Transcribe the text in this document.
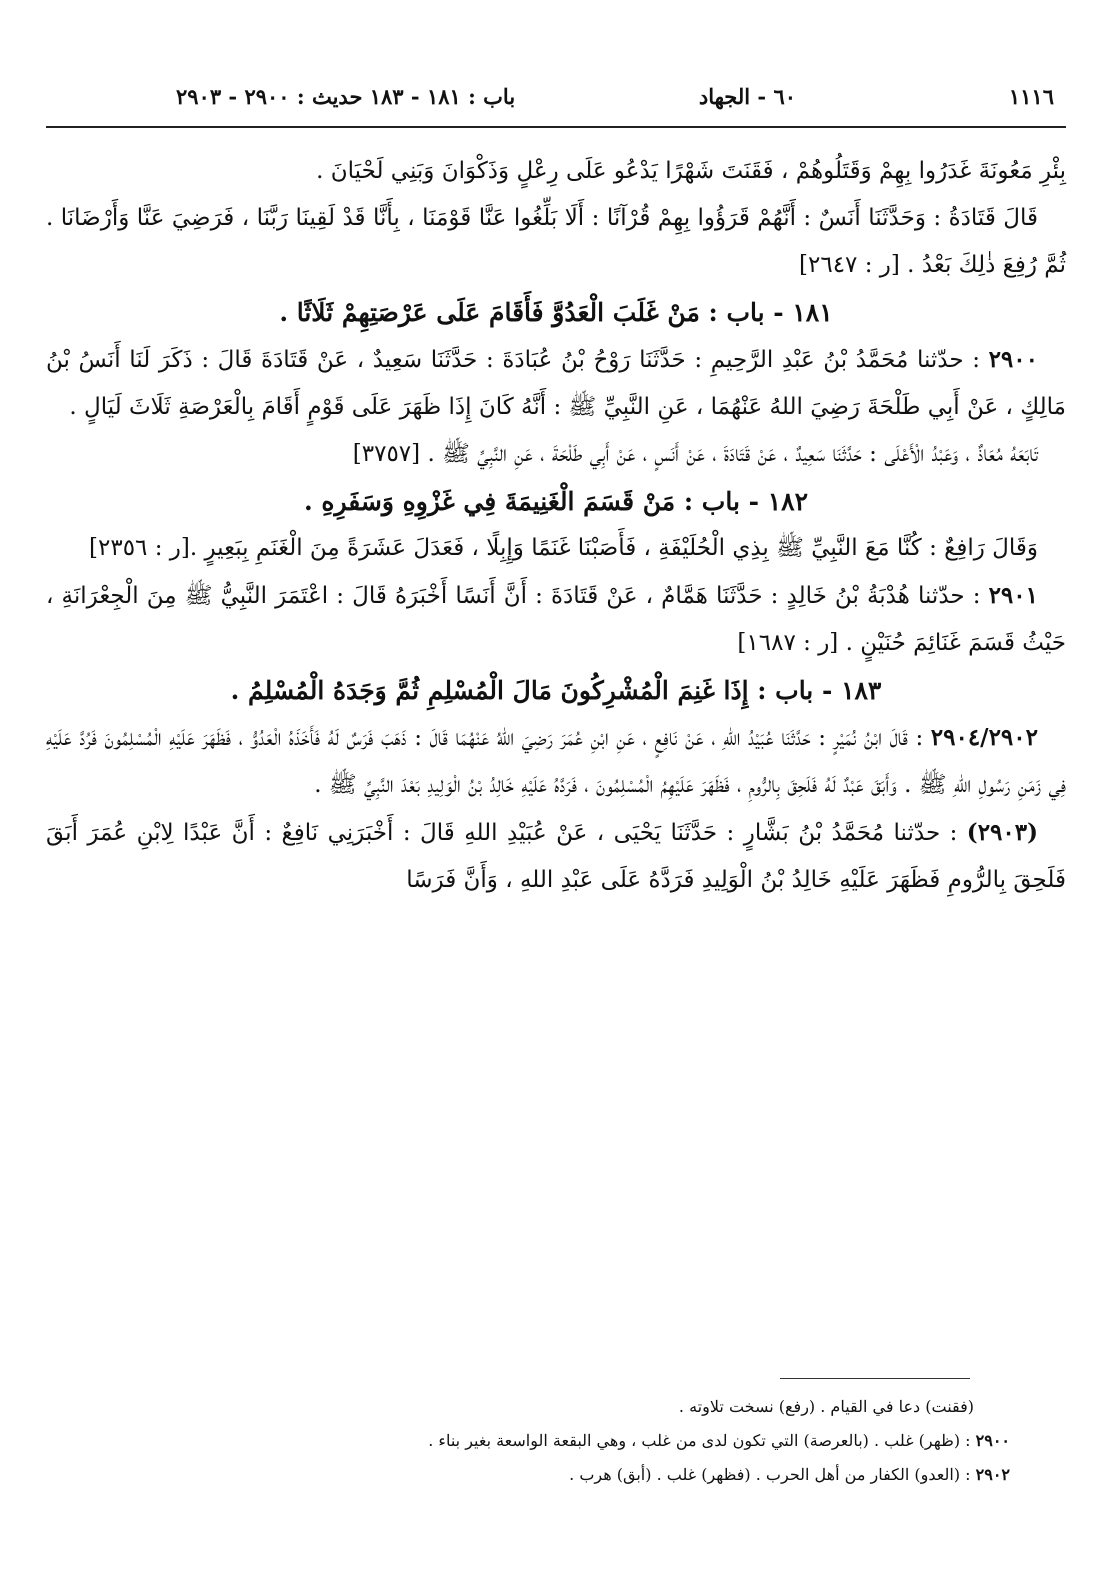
١١١٦
٦٠ - الجهاد
باب : ١٨١ - ١٨٣ حديث : ٢٩٠٠ - ٢٩٠٣

بِئْرِ مَعُونَةَ غَدَرُوا بِهِمْ وَقَتَلُوهُمْ ، فَقَنَتَ شَهْرًا يَدْعُو عَلَى رِعْلٍ وَذَكْوَانَ وَبَنِي لَحْيَانَ .

قَالَ قَتَادَةُ : وَحَدَّثَنَا أَنَسٌ : أَنَّهُمْ قَرَؤُوا بِهِمْ قُرْآنًا : أَلَا بَلِّغُوا عَنَّا قَوْمَنَا ، بِأَنَّا قَدْ لَقِينَا رَبَّنَا ، فَرَضِيَ عَنَّا وَأَرْضَانَا . ثُمَّ رُفِعَ ذٰلِكَ بَعْدُ . [ر : ٢٦٤٧]

١٨١ - باب : مَنْ غَلَبَ الْعَدُوَّ فَأَقَامَ عَلَى عَرْصَتِهِمْ ثَلَاثًا .

٢٩٠٠ : حدّثنا مُحَمَّدُ بْنُ عَبْدِ الرَّحِيمِ : حَدَّثَنَا رَوْحُ بْنُ عُبَادَةَ : حَدَّثَنَا سَعِيدٌ ، عَنْ قَتَادَةَ قَالَ : ذَكَرَ لَنَا أَنَسُ بْنُ مَالِكٍ ، عَنْ أَبِي طَلْحَةَ رَضِيَ اللهُ عَنْهُمَا ، عَنِ النَّبِيِّ ﷺ : أَنَّهُ كَانَ إِذَا ظَهَرَ عَلَى قَوْمٍ أَقَامَ بِالْعَرْصَةِ ثَلَاثَ لَيَالٍ .

تَابَعَهُ مُعَاذٌ ، وَعَبْدُ الْأَعْلَى : حَدَّثَنَا سَعِيدٌ ، عَنْ قَتَادَةَ ، عَنْ أَنَسٍ ، عَنْ أَبِي طَلْحَةَ ، عَنِ النَّبِيِّ ﷺ . [٣٧٥٧]

١٨٢ - باب : مَنْ قَسَمَ الْغَنِيمَةَ فِي غَزْوِهِ وَسَفَرِهِ .

وَقَالَ رَافِعٌ : كُنَّا مَعَ النَّبِيِّ ﷺ بِذِي الْحُلَيْفَةِ ، فَأَصَبْنَا غَنَمًا وَإِبِلًا ، فَعَدَلَ عَشَرَةً مِنَ الْغَنَمِ بِبَعِيرٍ .[ر : ٢٣٥٦]

٢٩٠١ : حدّثنا هُدْبَةُ بْنُ خَالِدٍ : حَدَّثَنَا هَمَّامٌ ، عَنْ قَتَادَةَ : أَنَّ أَنَسًا أَخْبَرَهُ قَالَ : اعْتَمَرَ النَّبِيُّ ﷺ مِنَ الْجِعْرَانَةِ ، حَيْثُ قَسَمَ غَنَائِمَ حُنَيْنٍ . [ر : ١٦٨٧]

١٨٣ - باب : إِذَا غَنِمَ الْمُشْرِكُونَ مَالَ الْمُسْلِمِ ثُمَّ وَجَدَهُ الْمُسْلِمُ .

٢٩٠٤/٢٩٠٢ : قَالَ ابْنُ نُمَيْرٍ : حَدَّثَنَا عُبَيْدُ اللهِ ، عَنْ نَافِعٍ ، عَنِ ابْنِ عُمَرَ رَضِيَ اللهُ عَنْهُمَا قَالَ : ذَهَبَ فَرَسٌ لَهُ فَأَخَذَهُ الْعَدُوُّ ، فَظَهَرَ عَلَيْهِ الْمُسْلِمُونَ فَرُدَّ عَلَيْهِ فِي زَمَنِ رَسُولِ اللهِ ﷺ . وَأَبَقَ عَبْدٌ لَهُ فَلَحِقَ بِالرُّومِ ، فَظَهَرَ عَلَيْهِمُ الْمُسْلِمُونَ ، فَرَدَّهُ عَلَيْهِ خَالِدُ بْنُ الْوَلِيدِ بَعْدَ النَّبِيِّ ﷺ .

(٢٩٠٣) : حدّثنا مُحَمَّدُ بْنُ بَشَّارٍ : حَدَّثَنَا يَحْيَى ، عَنْ عُبَيْدِ اللهِ قَالَ : أَخْبَرَنِي نَافِعٌ : أَنَّ عَبْدًا لِابْنِ عُمَرَ أَبَقَ فَلَحِقَ بِالرُّومِ فَظَهَرَ عَلَيْهِ خَالِدُ بْنُ الْوَلِيدِ فَرَدَّهُ عَلَى عَبْدِ اللهِ ، وَأَنَّ فَرَسًا

(فقنت) دعا في القيام . (رفع) نسخت تلاوته .

٢٩٠٠ : (ظهر) غلب . (بالعرصة) التي تكون لدى من غلب ، وهي البقعة الواسعة بغير بناء .

٢٩٠٢ : (العدو) الكفار من أهل الحرب . (فظهر) غلب . (أبق) هرب .
